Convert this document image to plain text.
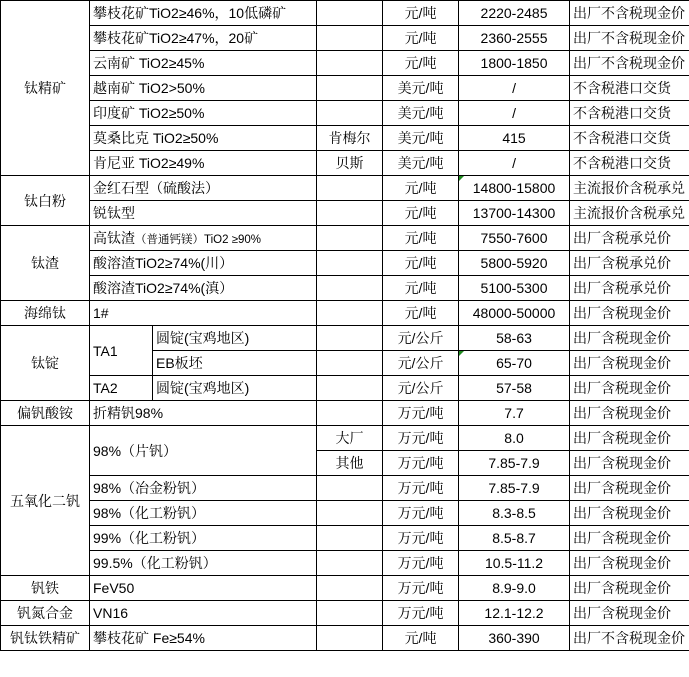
钛精矿	攀枝花矿TiO2≥46%，10低磷矿			元/吨	2220-2485	出厂不含税现金价
	攀枝花矿TiO2≥47%，20矿			元/吨	2360-2555	出厂不含税现金价
	云南矿 TiO2≥45%			元/吨	1800-1850	出厂不含税现金价
	越南矿 TiO2>50%			美元/吨	/	不含税港口交货
	印度矿 TiO2≥50%			美元/吨	/	不含税港口交货
	莫桑比克 TiO2≥50%		肯梅尔	美元/吨	415	不含税港口交货
	肯尼亚 TiO2≥49%		贝斯	美元/吨	/	不含税港口交货
钛白粉	金红石型（硫酸法）			元/吨	14800-15800	主流报价含税承兑
	锐钛型			元/吨	13700-14300	主流报价含税承兑
钛渣	高钛渣（普通钙镁）TiO2 ≥90%			元/吨	7550-7600	出厂含税承兑价
	酸溶渣TiO2≥74%(川）			元/吨	5800-5920	出厂含税承兑价
	酸溶渣TiO2≥74%(滇）			元/吨	5100-5300	出厂含税承兑价
海绵钛	1#			元/吨	48000-50000	出厂含税现金价
钛锭	TA1	圆锭(宝鸡地区)		元/公斤	58-63	出厂含税现金价
		EB板坯		元/公斤	65-70	出厂含税现金价
	TA2	圆锭(宝鸡地区)		元/公斤	57-58	出厂含税现金价
偏钒酸铵	折精钒98%			万元/吨	7.7	出厂含税现金价
五氧化二钒	98%（片钒）		大厂	万元/吨	8.0	出厂含税现金价
			其他	万元/吨	7.85-7.9	出厂含税现金价
	98%（冶金粉钒）			万元/吨	7.85-7.9	出厂含税现金价
	98%（化工粉钒）			万元/吨	8.3-8.5	出厂含税现金价
	99%（化工粉钒）			万元/吨	8.5-8.7	出厂含税现金价
	99.5%（化工粉钒）			万元/吨	10.5-11.2	出厂含税现金价
钒铁	FeV50			万元/吨	8.9-9.0	出厂含税现金价
钒氮合金	VN16			万元/吨	12.1-12.2	出厂含税现金价
钒钛铁精矿	攀枝花矿 Fe≥54%			元/吨	360-390	出厂不含税现金价
